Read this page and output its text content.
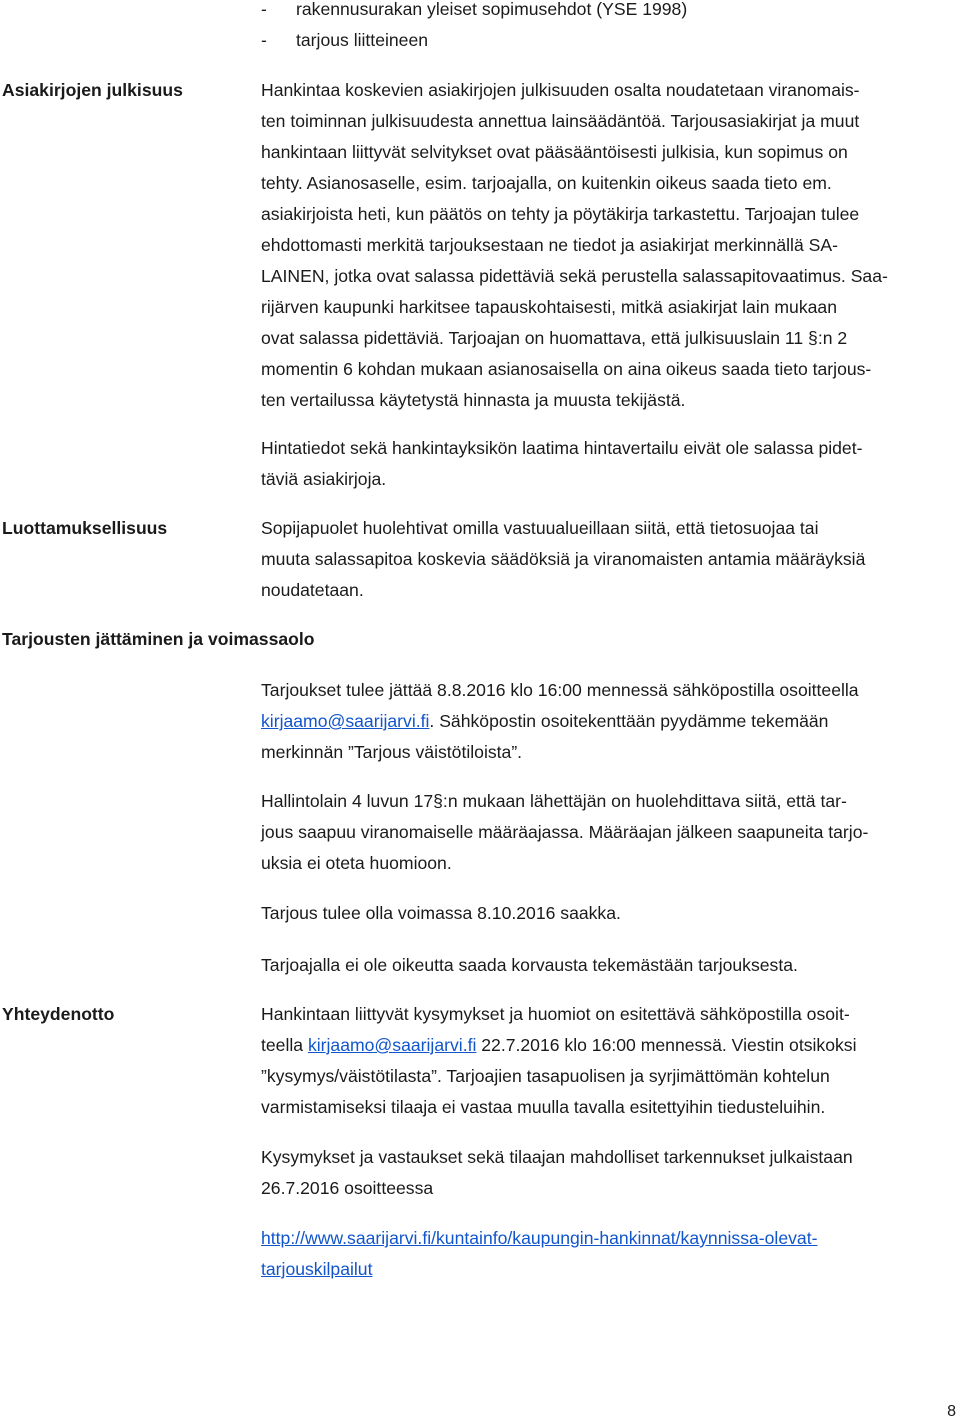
- rakennusurakan yleiset sopimusehdot (YSE 1998)
- tarjous liitteineen
Asiakirjojen julkisuus	Hankintaa koskevien asiakirjojen julkisuuden osalta noudatetaan viranomais-
ten toiminnan julkisuudesta annettua lainsäädäntöä. Tarjousasiakirjat ja muut
hankintaan liittyvät selvitykset ovat pääsääntöisesti julkisia, kun sopimus on
tehty. Asianosaselle, esim. tarjoajalla, on kuitenkin oikeus saada tieto em.
asiakirjoista heti, kun päätös on tehty ja pöytäkirja tarkastettu. Tarjoajan tulee
ehdottomasti merkitä tarjouksestaan ne tiedot ja asiakirjat merkinnällä SA-
LAINEN, jotka ovat salassa pidettäviä sekä perustella salassapitovaatimus. Saa-
rijärven kaupunki harkitsee tapauskohtaisesti, mitkä asiakirjat lain mukaan
ovat salassa pidettäviä. Tarjoajan on huomattava, että julkisuuslain 11 §:n 2
momentin 6 kohdan mukaan asianosaisella on aina oikeus saada tieto tarjous-
ten vertailussa käytetystä hinnasta ja muusta tekijästä.
Hintatiedot sekä hankintayksikön laatima hintavertailu eivät ole salassa pidet-
täviä asiakirjoja.
Luottamuksellisuus	Sopijapuolet huolehtivat omilla vastuualueillaan siitä, että tietosuojaa tai
muuta salassapitoa koskevia säädöksiä ja viranomaisten antamia määräyksiä
noudatetaan.
Tarjousten jättäminen ja voimassaolo
Tarjoukset tulee jättää 8.8.2016 klo 16:00 mennessä sähköpostilla osoitteella
kirjaamo@saarijarvi.fi. Sähköpostin osoitekenttään pyydämme tekemään
merkinnän ”Tarjous väistötiloista”.
Hallintolain 4 luvun 17§:n mukaan lähettäjän on huolehdittava siitä, että tar-
jous saapuu viranomaiselle määräajassa. Määräajan jälkeen saapuneita tarjo-
uksia ei oteta huomioon.
Tarjous tulee olla voimassa 8.10.2016 saakka.
Tarjoajalla ei ole oikeutta saada korvausta tekemästään tarjouksesta.
Yhteydenotto	Hankintaan liittyvät kysymykset ja huomiot on esitettävä sähköpostilla osoit-
teella kirjaamo@saarijarvi.fi 22.7.2016 klo 16:00 mennessä. Viestin otsikoksi
”kysymys/väistötilasta”. Tarjoajien tasapuolisen ja syrjimättömän kohtelun
varmistamiseksi tilaaja ei vastaa muulla tavalla esitettyihin tiedusteluihin.
Kysymykset ja vastaukset sekä tilaajan mahdolliset tarkennukset julkaistaan
26.7.2016 osoitteessa
http://www.saarijarvi.fi/kuntainfo/kaupungin-hankinnat/kaynnissa-olevat-
tarjouskilpailut
8
